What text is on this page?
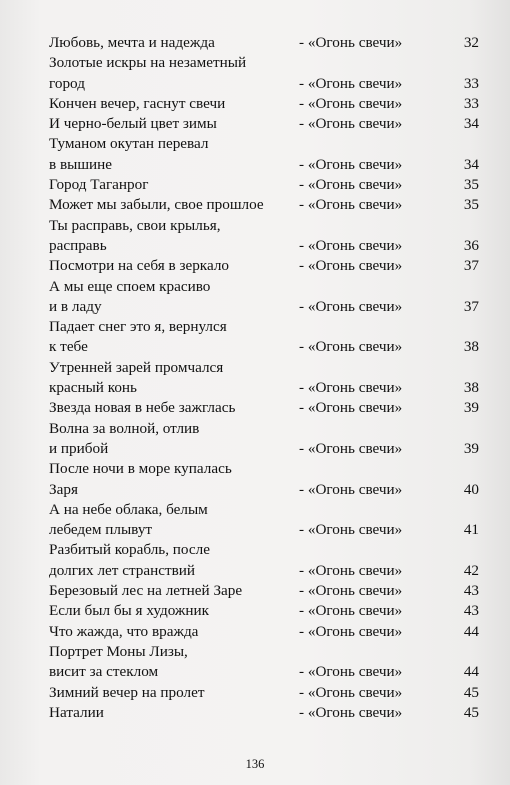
Любовь, мечта и надежда	- «Огонь свечи»	32
Золотые искры на незаметный
город	- «Огонь свечи»	33
Кончен вечер, гаснут свечи	- «Огонь свечи»	33
И черно-белый цвет зимы	- «Огонь свечи»	34
Туманом окутан перевал
в вышине	- «Огонь свечи»	34
Город Таганрог	- «Огонь свечи»	35
Может мы забыли, свое прошлое	- «Огонь свечи»	35
Ты расправь, свои крылья,
расправь	- «Огонь свечи»	36
Посмотри на себя в зеркало	- «Огонь свечи»	37
А мы еще споем красиво
и в ладу	- «Огонь свечи»	37
Падает снег это я, вернулся
к тебе	- «Огонь свечи»	38
Утренней зарей промчался
красный конь	- «Огонь свечи»	38
Звезда новая в небе зажглась	- «Огонь свечи»	39
Волна за волной, отлив
и прибой	- «Огонь свечи»	39
После ночи в море купалась
Заря	- «Огонь свечи»	40
А на небе облака, белым
лебедем плывут	- «Огонь свечи»	41
Разбитый корабль, после
долгих лет странствий	- «Огонь свечи»	42
Березовый лес на летней Заре	- «Огонь свечи»	43
Если был бы я художник	- «Огонь свечи»	43
Что жажда, что вражда	- «Огонь свечи»	44
Портрет Моны Лизы,
висит за стеклом	- «Огонь свечи»	44
Зимний вечер на пролет	- «Огонь свечи»	45
Наталии	- «Огонь свечи»	45
136
